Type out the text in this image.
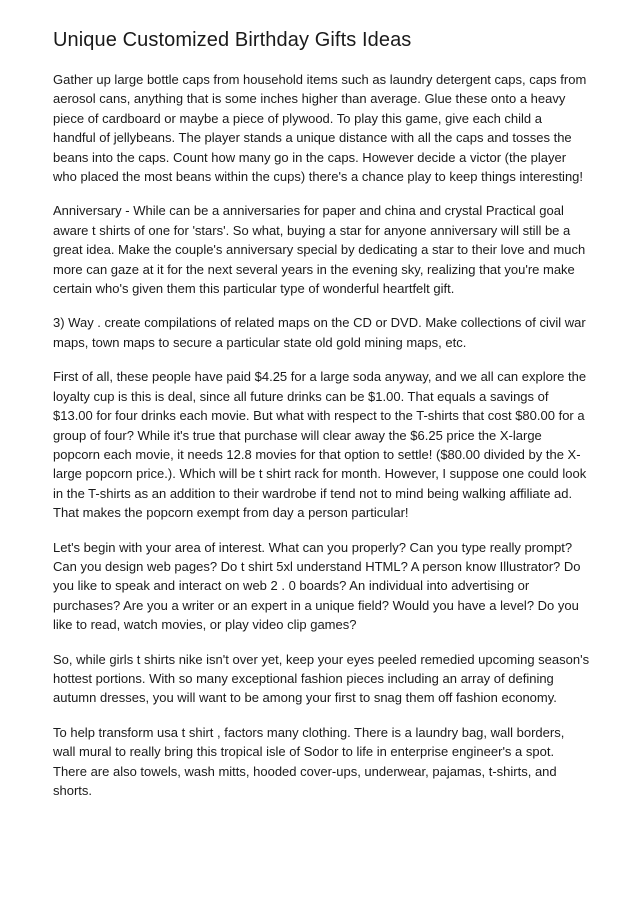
Unique Customized Birthday Gifts Ideas

Gather up large bottle caps from household items such as laundry detergent caps, caps from
aerosol cans, anything that is some inches higher than average. Glue these onto a heavy
piece of cardboard or maybe a piece of plywood. To play this game, give each child a
handful of jellybeans. The player stands a unique distance with all the caps and tosses the
beans into the caps. Count how many go in the caps. However decide a victor (the player
who placed the most beans within the cups) there's a chance play to keep things interesting!

Anniversary - While can be a anniversaries for paper and china and crystal Practical goal
aware t shirts of one for 'stars'. So what, buying a star for anyone anniversary will still be a
great idea. Make the couple's anniversary special by dedicating a star to their love and much
more can gaze at it for the next several years in the evening sky, realizing that you're make
certain who's given them this particular type of wonderful heartfelt gift.

3) Way . create compilations of related maps on the CD or DVD. Make collections of civil war
maps, town maps to secure a particular state old gold mining maps, etc.

First of all, these people have paid $4.25 for a large soda anyway, and we all can explore the
loyalty cup is this is deal, since all future drinks can be $1.00. That equals a savings of
$13.00 for four drinks each movie. But what with respect to the T-shirts that cost $80.00 for a
group of four? While it's true that purchase will clear away the $6.25 price the X-large
popcorn each movie, it needs 12.8 movies for that option to settle! ($80.00 divided by the X-
large popcorn price.). Which will be t shirt rack for month. However, I suppose one could look
in the T-shirts as an addition to their wardrobe if tend not to mind being walking affiliate ad.
That makes the popcorn exempt from day a person particular!

Let's begin with your area of interest. What can you properly? Can you type really prompt?
Can you design web pages? Do t shirt 5xl understand HTML? A person know Illustrator? Do
you like to speak and interact on web 2 . 0 boards? An individual into advertising or
purchases? Are you a writer or an expert in a unique field? Would you have a level? Do you
like to read, watch movies, or play video clip games?

So, while girls t shirts nike isn't over yet, keep your eyes peeled remedied upcoming season's
hottest portions. With so many exceptional fashion pieces including an array of defining
autumn dresses, you will want to be among your first to snag them off fashion economy.

To help transform usa t shirt , factors many clothing. There is a laundry bag, wall borders,
wall mural to really bring this tropical isle of Sodor to life in enterprise engineer's a spot.
There are also towels, wash mitts, hooded cover-ups, underwear, pajamas, t-shirts, and
shorts.
